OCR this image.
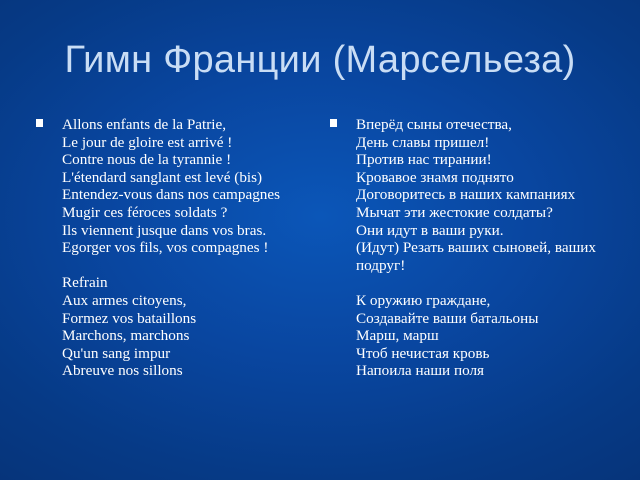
Гимн Франции (Марсельеза)
Allons enfants de la Patrie,
Le jour de gloire est arrivé !
Contre nous de la tyrannie !
L'étendard sanglant est levé (bis)
Entendez-vous dans nos campagnes
Mugir ces féroces soldats ?
Ils viennent jusque dans vos bras.
Egorger vos fils, vos compagnes !
Refrain
Aux armes citoyens,
Formez vos bataillons
Marchons, marchons
Qu'un sang impur
Abreuve nos sillons
Вперёд сыны отечества,
День славы пришел!
Против нас тирании!
Кровавое знамя поднято
Договоритесь в наших кампаниях
Мычат эти жестокие солдаты?
Они идут в ваши руки.
(Идут) Резать ваших сыновей, ваших подруг!
К оружию граждане,
Создавайте ваши батальоны
Марш, марш
Чтоб нечистая кровь
Напоила наши поля
